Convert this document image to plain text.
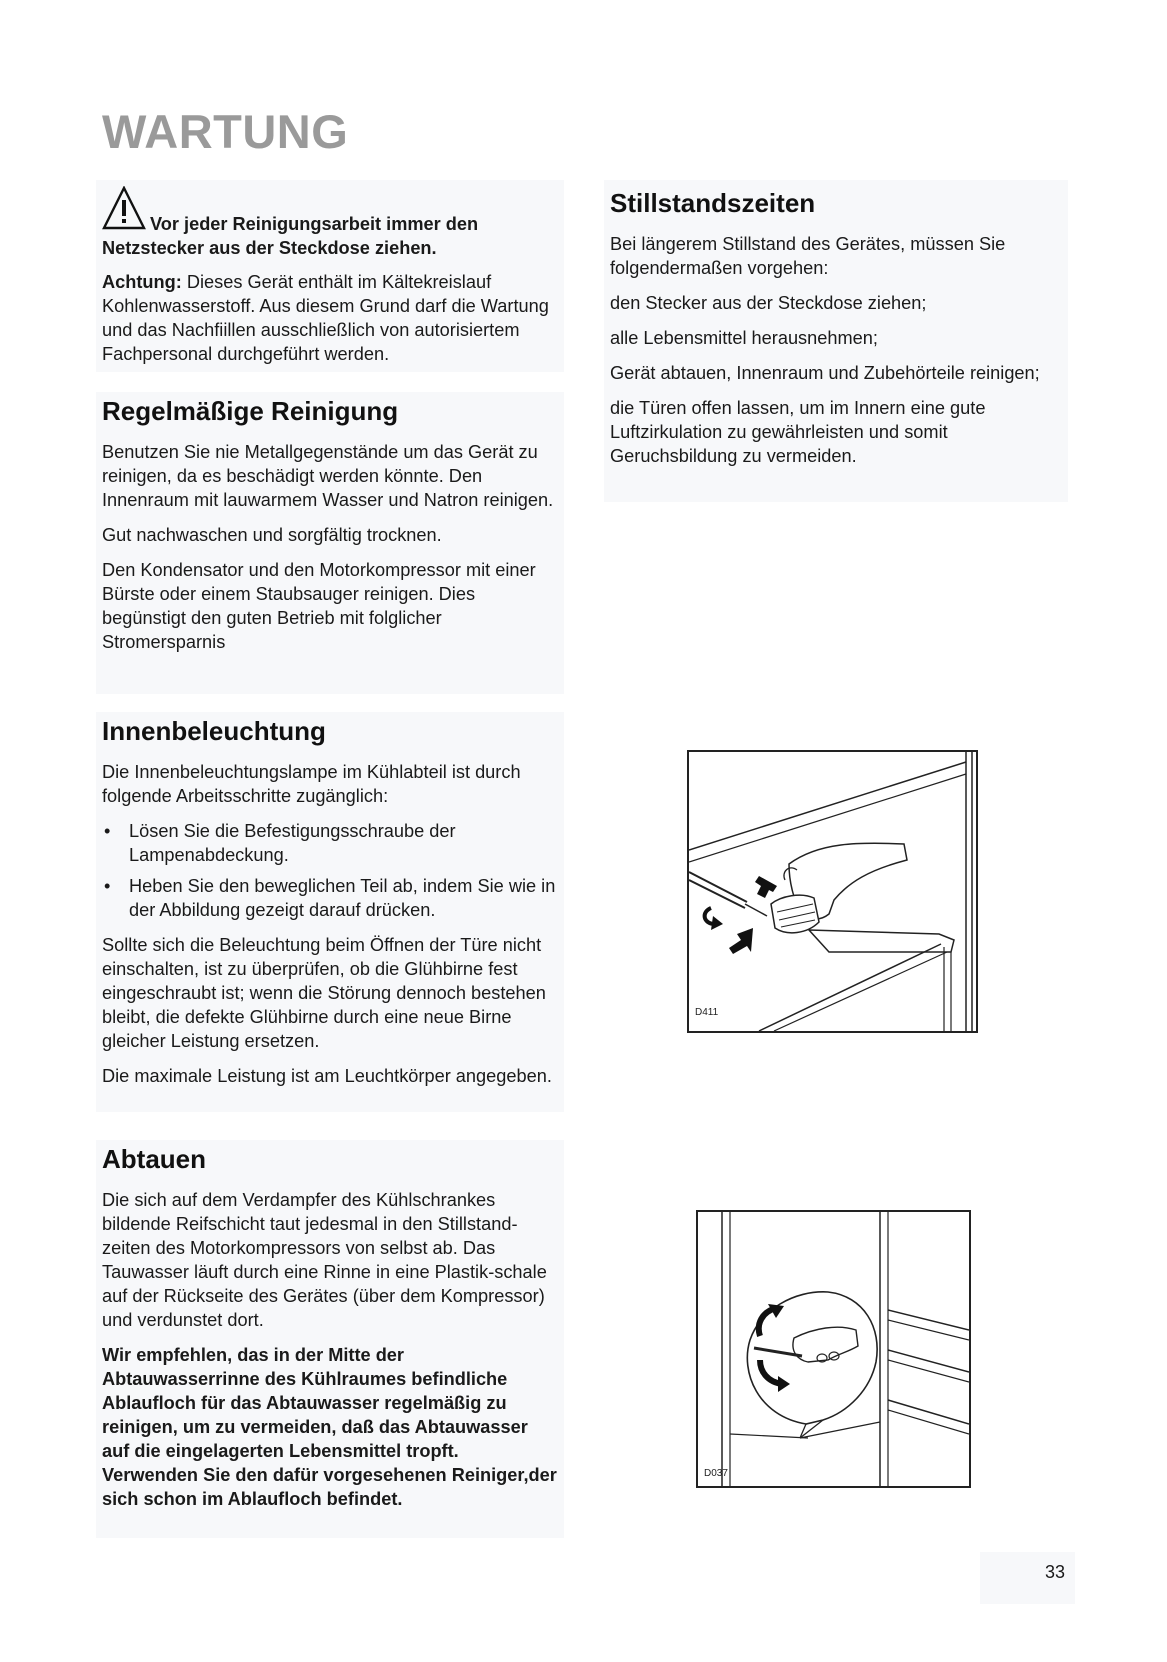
WARTUNG

Vor jeder Reinigungsarbeit immer den Netzstecker aus der Steckdose ziehen.

Achtung: Dieses Gerät enthält im Kältekreislauf Kohlenwasserstoff. Aus diesem Grund darf die Wartung und das Nachfiillen ausschließlich von autorisiertem Fachpersonal durchgeführt werden.

Regelmäßige Reinigung

Benutzen Sie nie Metallgegenstände um das Gerät zu reinigen, da es beschädigt werden könnte. Den Innenraum mit lauwarmem Wasser und Natron reinigen.

Gut nachwaschen und sorgfältig trocknen.

Den Kondensator und den Motorkompressor mit einer Bürste oder einem Staubsauger reinigen. Dies begünstigt den guten Betrieb mit folglicher Stromersparnis

Innenbeleuchtung

Die Innenbeleuchtungslampe im Kühlabteil ist durch folgende Arbeitsschritte zugänglich:

• Lösen Sie die Befestigungsschraube der Lampenabdeckung.
• Heben Sie den beweglichen Teil ab, indem Sie wie in der Abbildung gezeigt darauf drücken.

Sollte sich die Beleuchtung beim Öffnen der Türe nicht einschalten, ist zu überprüfen, ob die Glühbirne fest eingeschraubt ist; wenn die Störung dennoch bestehen bleibt, die defekte Glühbirne durch eine neue Birne gleicher Leistung ersetzen.

Die maximale Leistung ist am Leuchtkörper angegeben.

Abtauen

Die sich auf dem Verdampfer des Kühlschrankes bildende Reifschicht taut jedesmal in den Stillstand-zeiten des Motorkompressors von selbst ab. Das Tauwasser läuft durch eine Rinne in eine Plastik-schale auf der Rückseite des Gerätes (über dem Kompressor) und verdunstet dort.

Wir empfehlen, das in der Mitte der Abtauwasserrinne des Kühlraumes befindliche Ablaufloch für das Abtauwasser regelmäßig zu reinigen, um zu vermeiden, daß das Abtauwasser auf die eingelagerten Lebensmittel tropft. Verwenden Sie den dafür vorgesehenen Reiniger,der sich schon im Ablaufloch befindet.

Stillstandszeiten

Bei längerem Stillstand des Gerätes, müssen Sie folgendermaßen vorgehen:

den Stecker aus der Steckdose ziehen;

alle Lebensmittel herausnehmen;

Gerät abtauen, Innenraum und Zubehörteile reinigen;

die Türen offen lassen, um im Innern eine gute Luftzirkulation zu gewährleisten und somit Geruchsbildung zu vermeiden.

D411
D037
33
